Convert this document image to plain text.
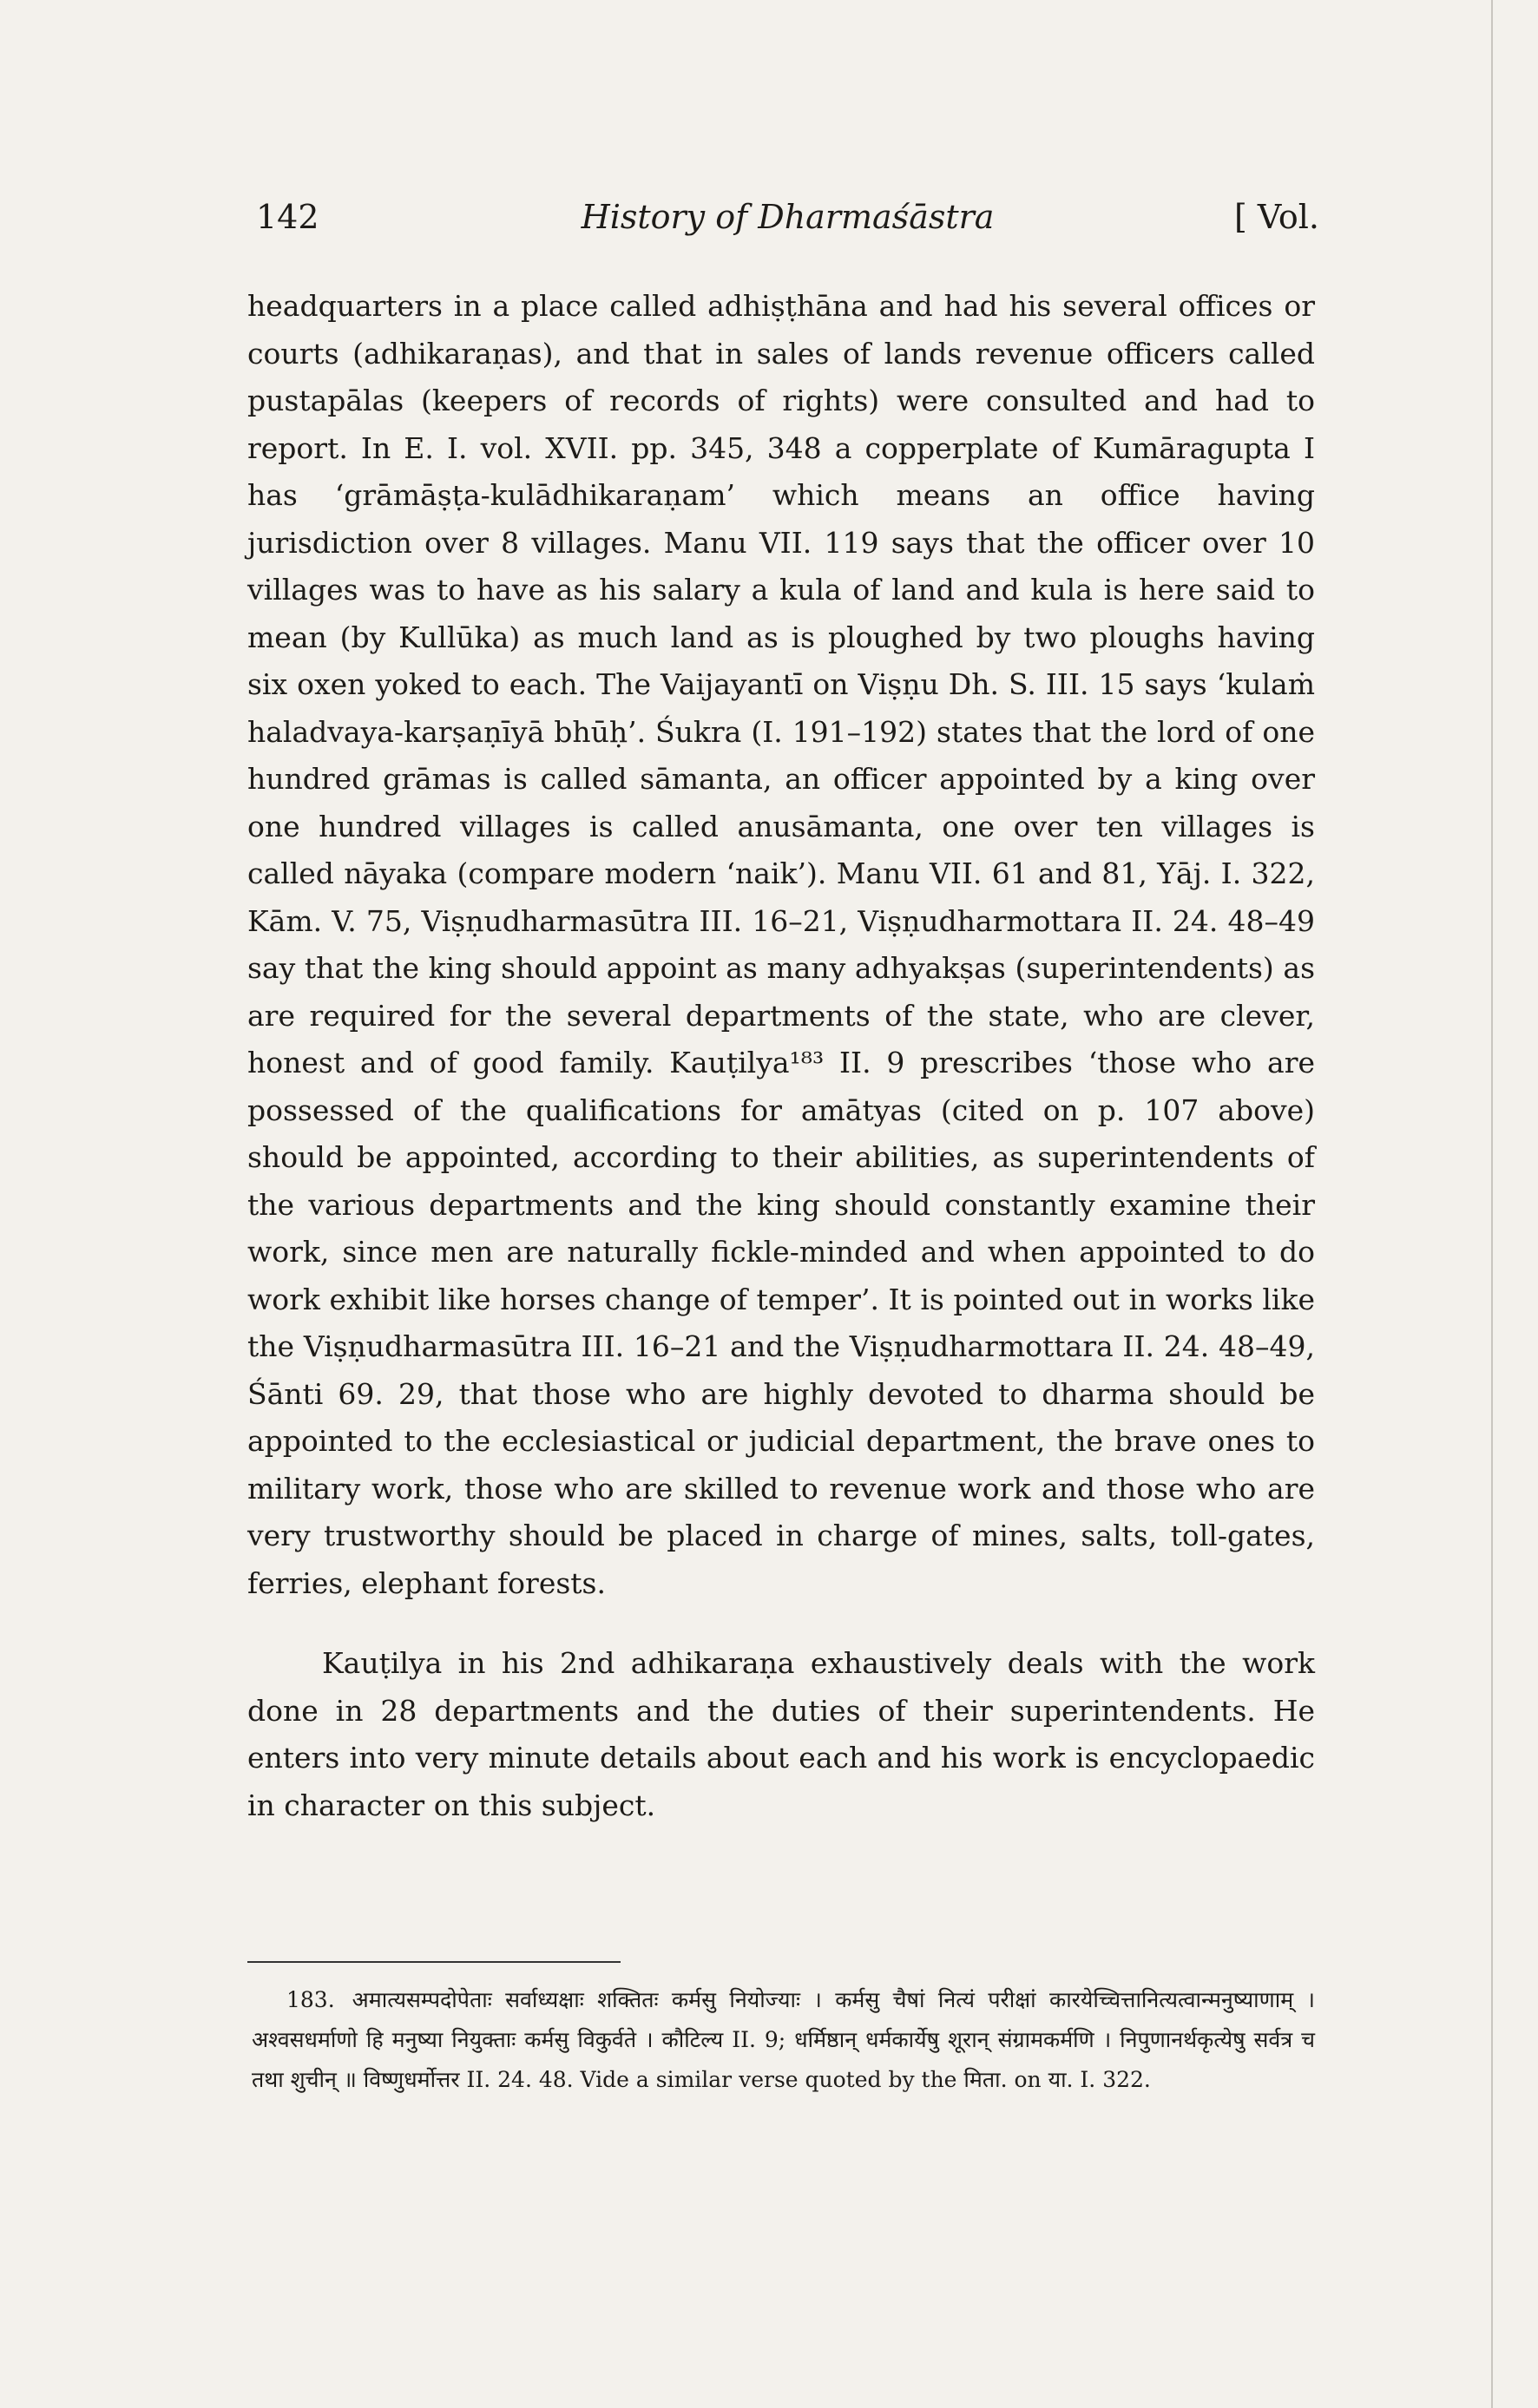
142	History of Dharmaśāstra	[ Vol.

headquarters in a place called adhiṣṭhāna and had his several offices or courts (adhikaraṇas), and that in sales of lands revenue officers called pustapālas (keepers of records of rights) were consulted and had to report. In E. I. vol. XVII. pp. 345, 348 a copperplate of Kumāragupta I has ‘grāmāṣṭa-kulādhikaraṇam’ which means an office having jurisdiction over 8 villages. Manu VII. 119 says that the officer over 10 villages was to have as his salary a kula of land and kula is here said to mean (by Kullūka) as much land as is ploughed by two ploughs having six oxen yoked to each. The Vaijayantī on Viṣṇu Dh. S. III. 15 says ‘kulaṁ haladvaya-karṣaṇīyā bhūḥ’. Śukra (I. 191–192) states that the lord of one hundred grāmas is called sāmanta, an officer appointed by a king over one hundred villages is called anusāmanta, one over ten villages is called nāyaka (compare modern ‘naik’). Manu VII. 61 and 81, Yāj. I. 322, Kām. V. 75, Viṣṇudharmasūtra III. 16–21, Viṣṇudharmottara II. 24. 48–49 say that the king should appoint as many adhyakṣas (superintendents) as are required for the several departments of the state, who are clever, honest and of good family. Kauṭilya¹⁸³ II. 9 prescribes ‘those who are possessed of the qualifications for amātyas (cited on p. 107 above) should be appointed, according to their abilities, as superintendents of the various departments and the king should constantly examine their work, since men are naturally fickle-minded and when appointed to do work exhibit like horses change of temper’. It is pointed out in works like the Viṣṇudharmasūtra III. 16–21 and the Viṣṇudharmottara II. 24. 48–49, Śānti 69. 29, that those who are highly devoted to dharma should be appointed to the ecclesiastical or judicial department, the brave ones to military work, those who are skilled to revenue work and those who are very trustworthy should be placed in charge of mines, salts, toll-gates, ferries, elephant forests.

Kauṭilya in his 2nd adhikaraṇa exhaustively deals with the work done in 28 departments and the duties of their superintendents. He enters into very minute details about each and his work is encyclopaedic in character on this subject.

183. अमात्यसम्पदोपेताः सर्वाध्यक्षाः शक्तितः कर्मसु नियोज्याः । कर्मसु चैषां नित्यं परीक्षां कारयेच्चित्तानित्यत्वान्मनुष्याणाम् । अश्वसधर्माणो हि मनुष्या नियुक्ताः कर्मसु विकुर्वते । कौटिल्य II. 9; धर्मिष्ठान् धर्मकार्येषु शूरान् संग्रामकर्मणि । निपुणानर्थकृत्येषु सर्वत्र च तथा शुचीन् ॥ विष्णुधर्मोत्तर II. 24. 48. Vide a similar verse quoted by the मिता. on या. I. 322.
